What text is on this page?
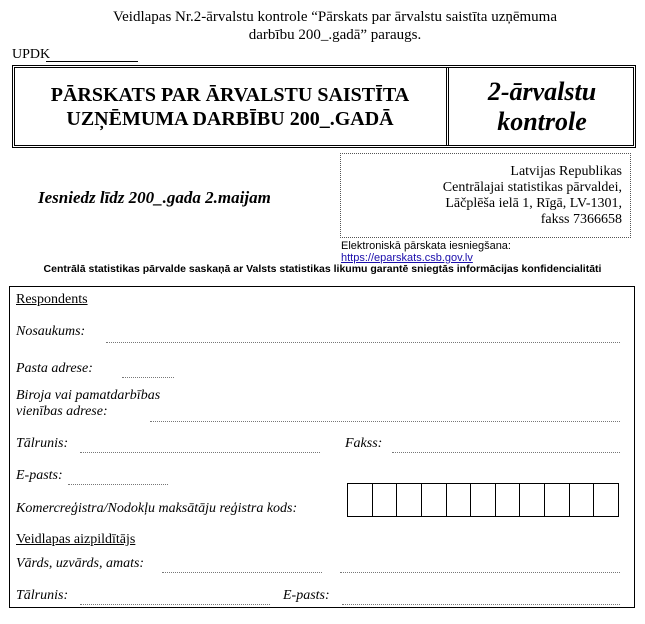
Veidlapas Nr.2-ārvalstu kontrole “Pārskats par ārvalstu saistīta uzņēmuma
darbību 200_.gadā” paraugs.
UPDK
PĀRSKATS PAR ĀRVALSTU SAISTĪTA
UZŅĒMUMA DARBĪBU 200_.GADĀ
2-ārvalstu
kontrole
Iesniedz līdz 200_.gada 2.maijam
Latvijas Republikas
Centrālajai statistikas pārvaldei,
Lāčplēša ielā 1, Rīgā, LV-1301,
fakss 7366658
Elektroniskā pārskata iesniegšana: https://eparskats.csb.gov.lv
Centrālā statistikas pārvalde saskaņā ar Valsts statistikas likumu garantē sniegtās informācijas konfidencialitāti
Respondents
Nosaukums:
Pasta adrese:
Biroja vai pamatdarbības
vienības adrese:
Tālrunis:	Fakss:
E-pasts:
Komercreģistra/Nodokļu maksātāju reģistra kods:
Veidlapas aizpildītājs
Vārds, uzvārds, amats:
Tālrunis:	E-pasts:
